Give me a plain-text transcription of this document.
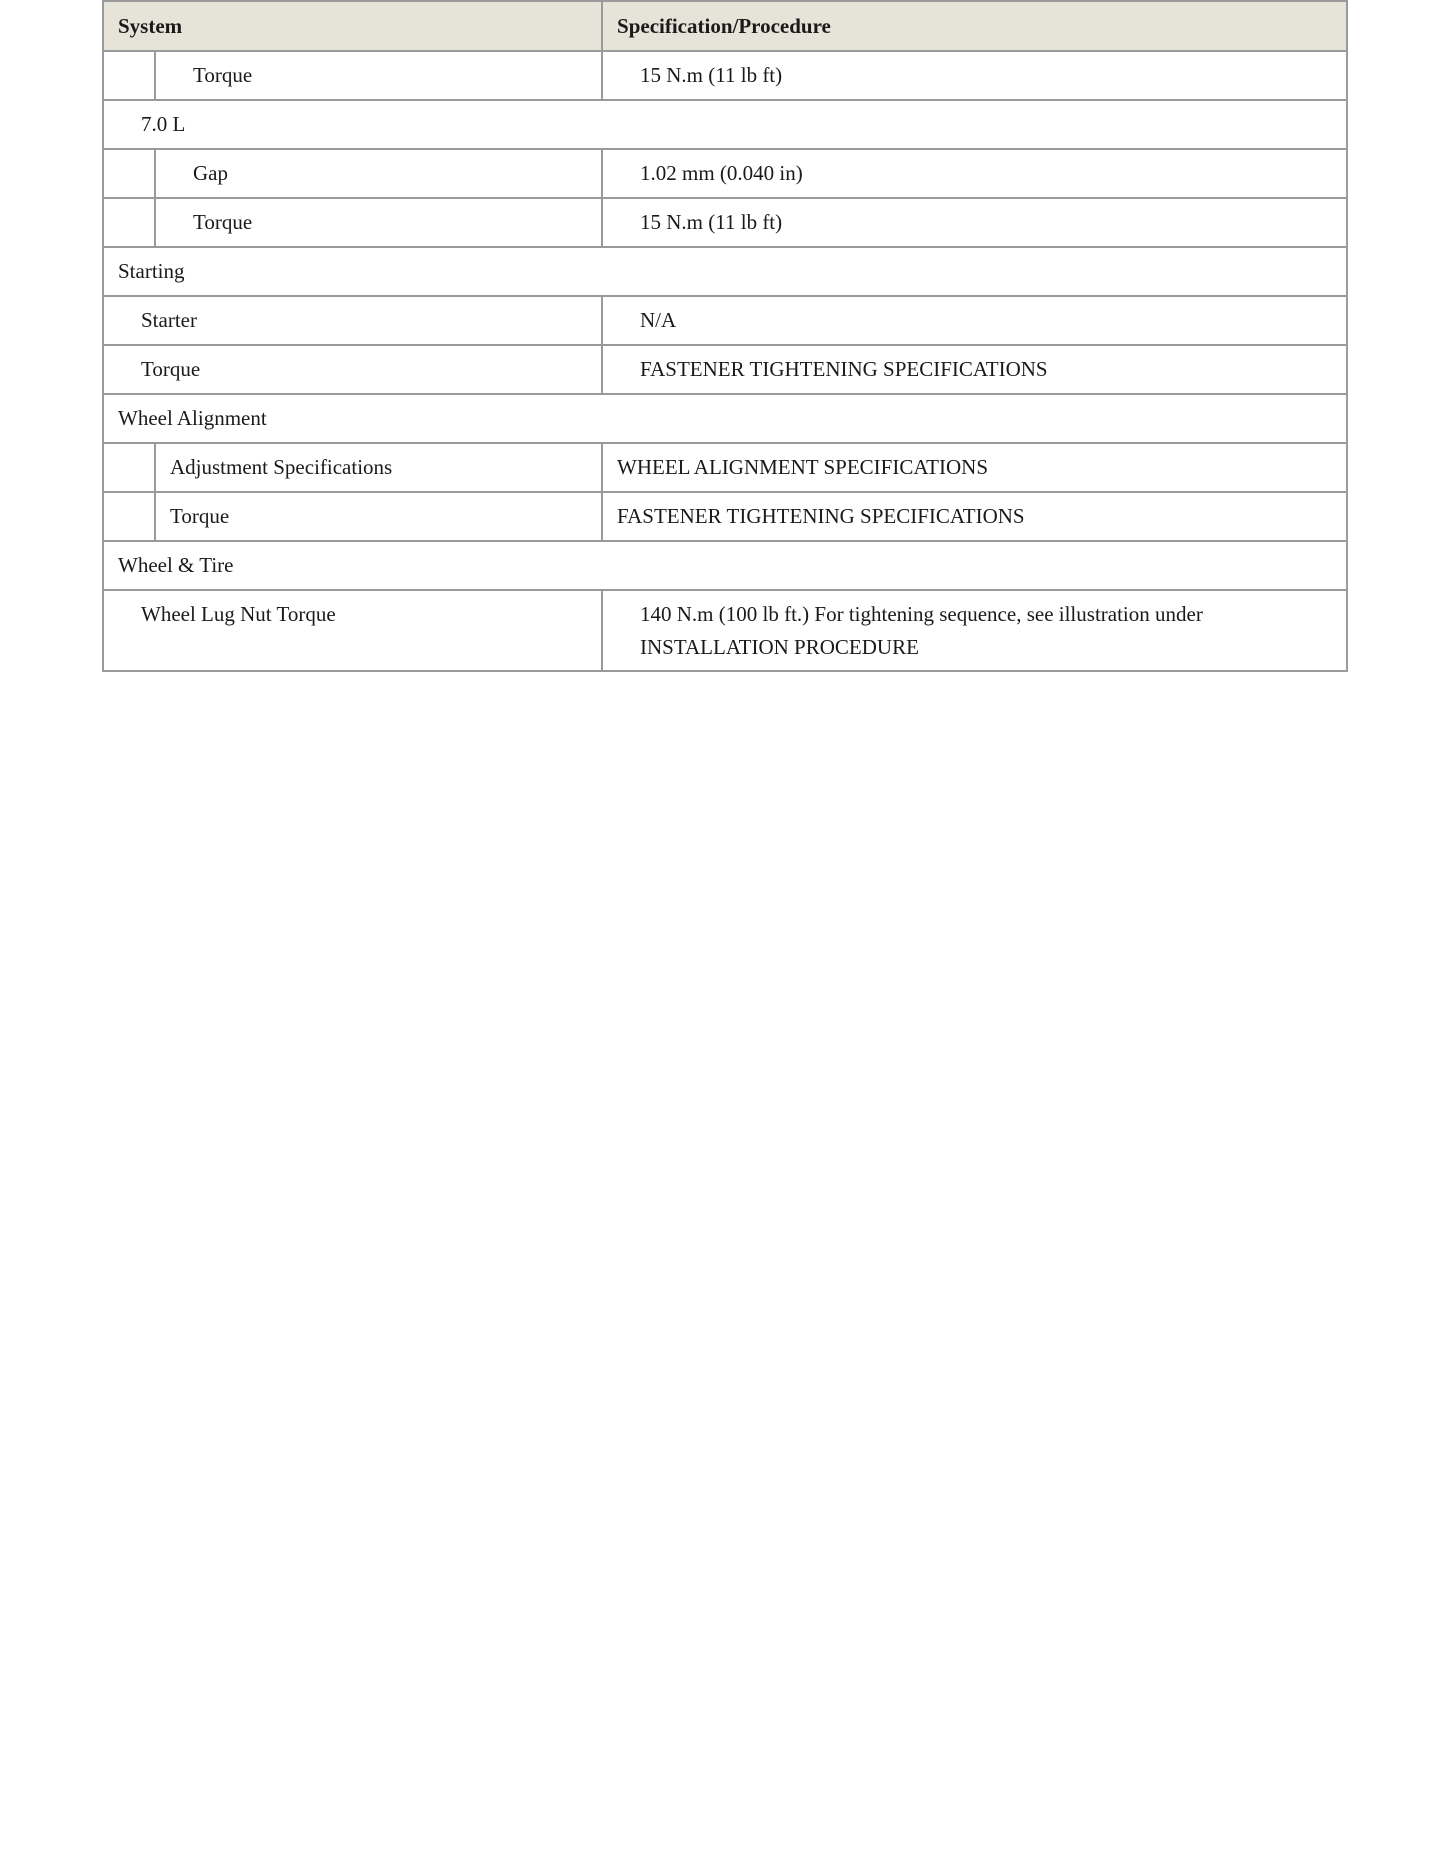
System		Specification/Procedure
	Torque	15 N.m (11 lb ft)
7.0 L		
	Gap	1.02 mm (0.040 in)
	Torque	15 N.m (11 lb ft)
Starting		
Starter		N/A
Torque		FASTENER TIGHTENING SPECIFICATIONS
Wheel Alignment		
	Adjustment Specifications	WHEEL ALIGNMENT SPECIFICATIONS
	Torque	FASTENER TIGHTENING SPECIFICATIONS
Wheel & Tire		
Wheel Lug Nut Torque		140 N.m (100 lb ft.) For tightening sequence, see illustration under
INSTALLATION PROCEDURE
